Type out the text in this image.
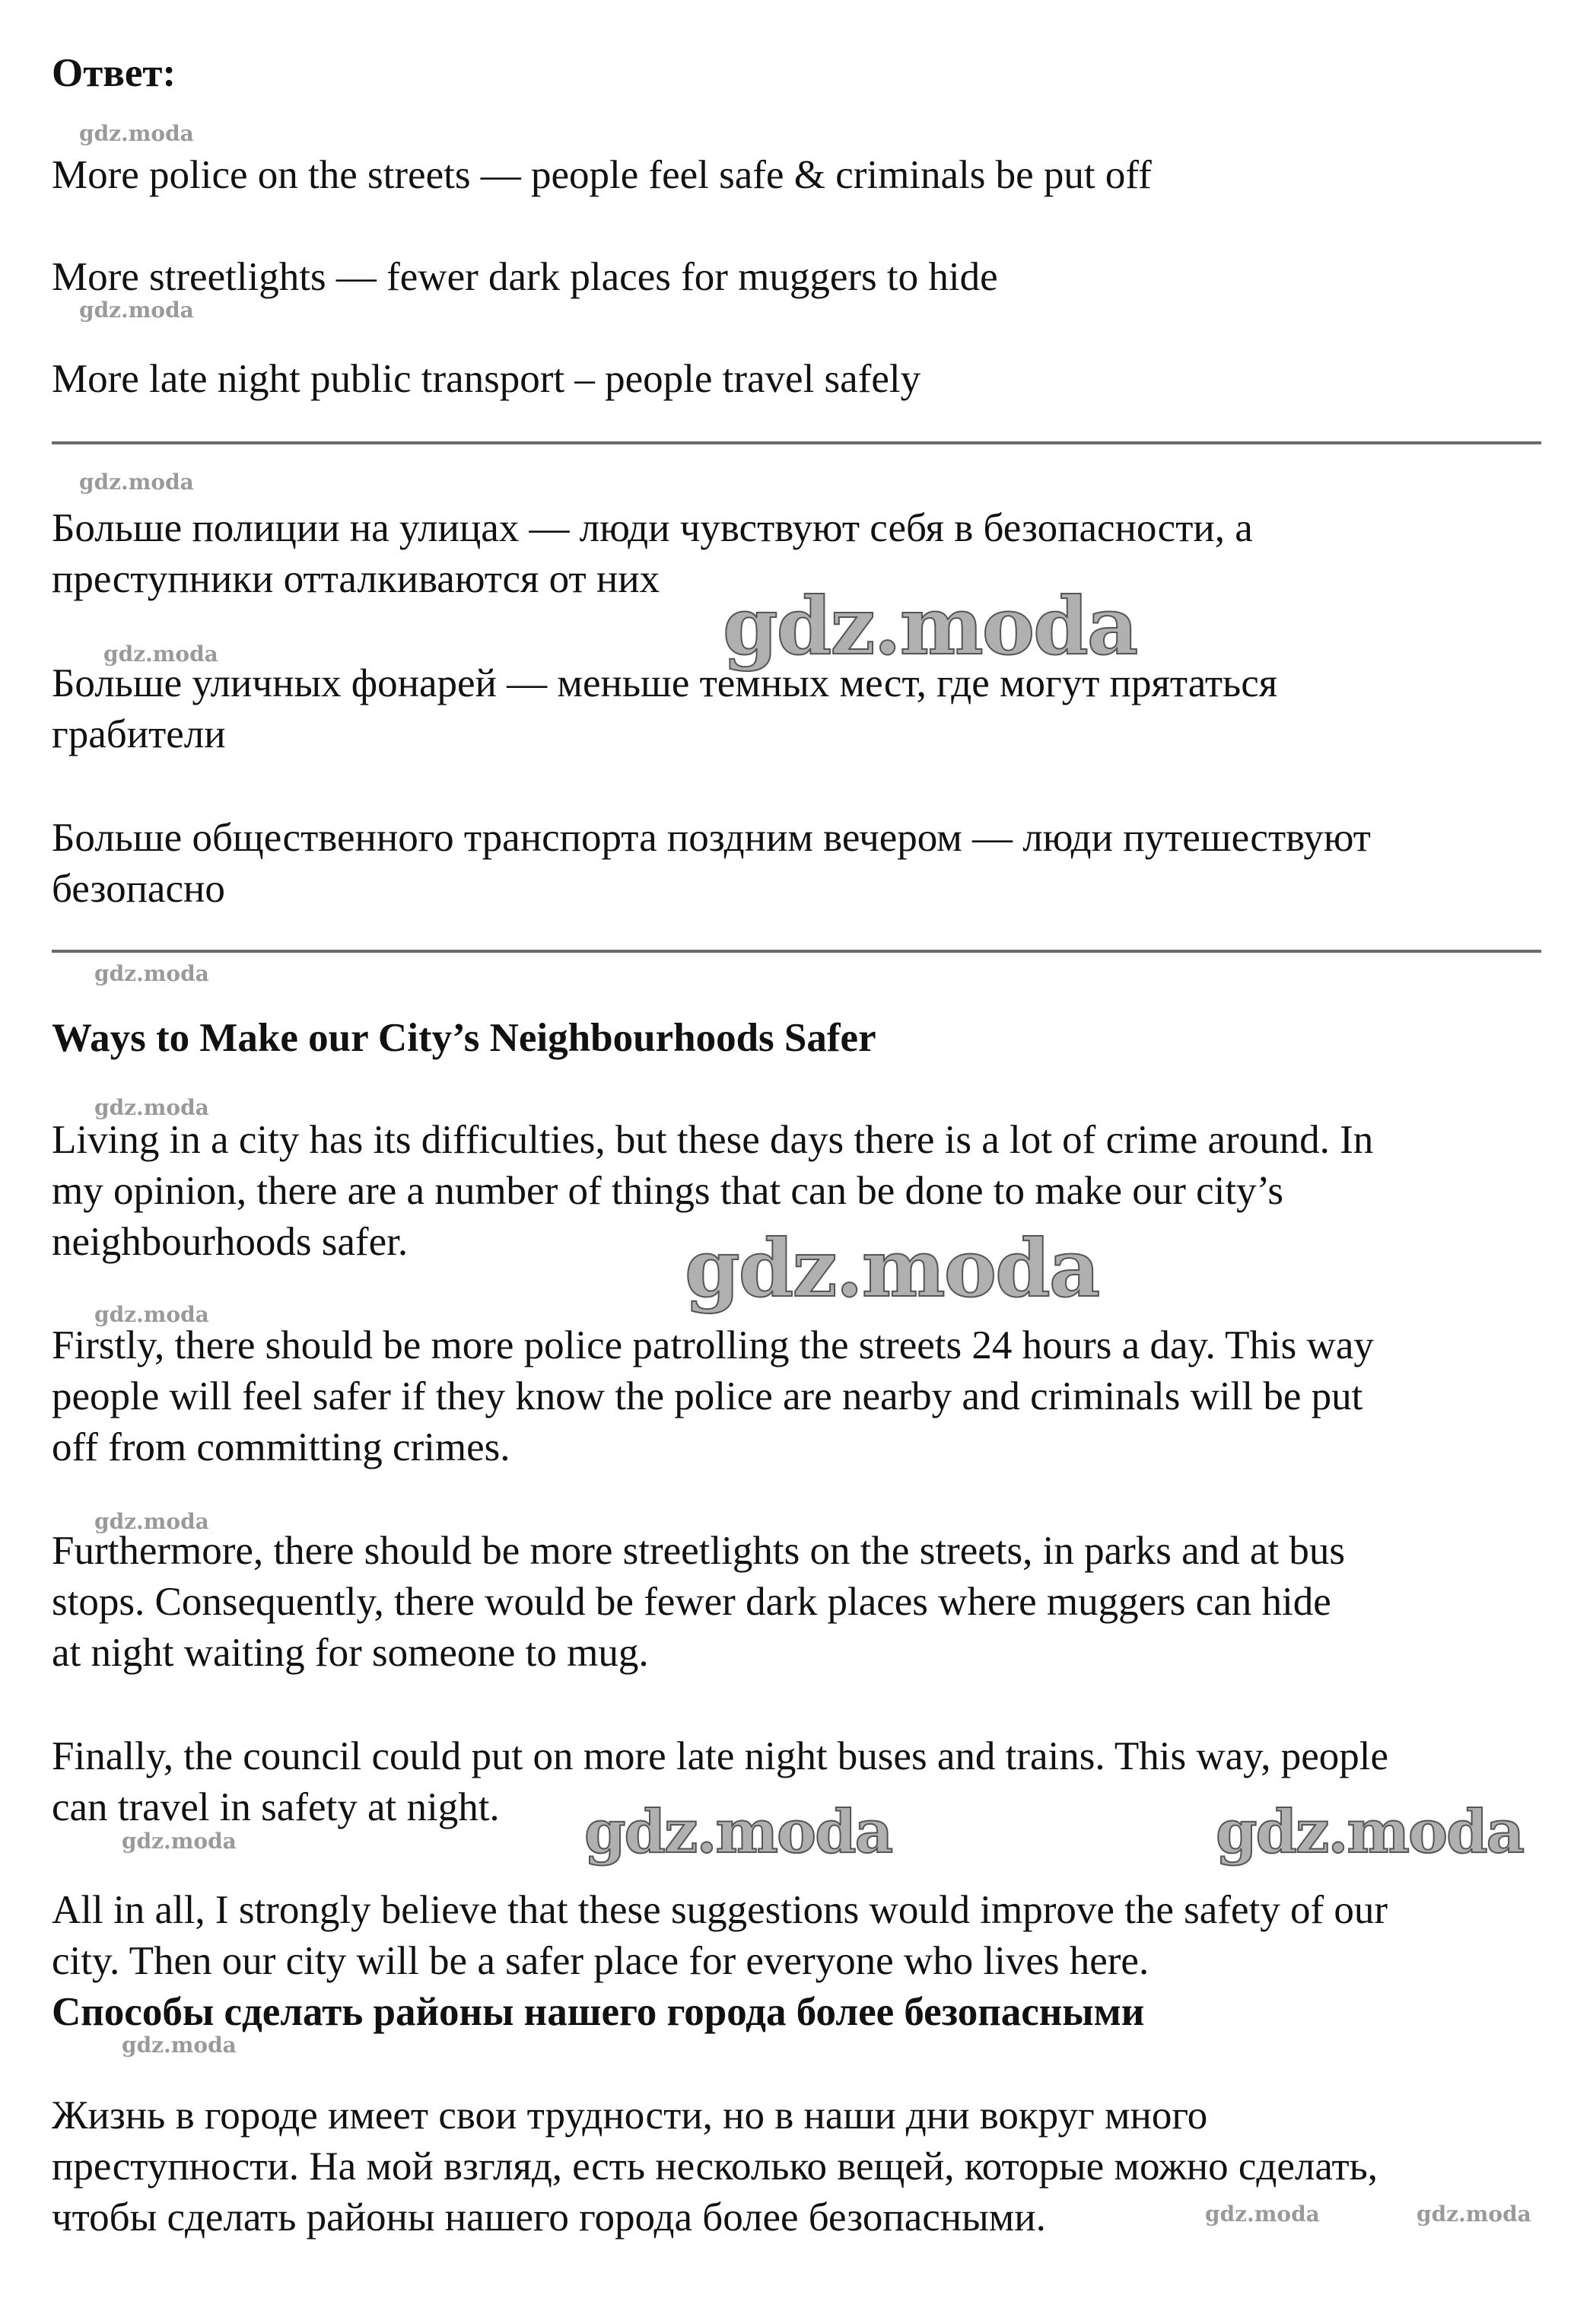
Ответ:

More police on the streets — people feel safe & criminals be put off

More streetlights — fewer dark places for muggers to hide

More late night public transport – people travel safely

Больше полиции на улицах — люди чувствуют себя в безопасности, а

преступники отталкиваются от них

Больше уличных фонарей — меньше темных мест, где могут прятаться

грабители

Больше общественного транспорта поздним вечером — люди путешествуют

безопасно

Ways to Make our City’s Neighbourhoods Safer

Living in a city has its difficulties, but these days there is a lot of crime around. In

my opinion, there are a number of things that can be done to make our city’s

neighbourhoods safer.

Firstly, there should be more police patrolling the streets 24 hours a day. This way

people will feel safer if they know the police are nearby and criminals will be put

off from committing crimes.

Furthermore, there should be more streetlights on the streets, in parks and at bus

stops. Consequently, there would be fewer dark places where muggers can hide

at night waiting for someone to mug.

Finally, the council could put on more late night buses and trains. This way, people

can travel in safety at night.

All in all, I strongly believe that these suggestions would improve the safety of our

city. Then our city will be a safer place for everyone who lives here.

Способы сделать районы нашего города более безопасными

Жизнь в городе имеет свои трудности, но в наши дни вокруг много

преступности. На мой взгляд, есть несколько вещей, которые можно сделать,

чтобы сделать районы нашего города более безопасными.

gdz.moda
gdz.moda
gdz.moda
gdz.moda
gdz.moda
gdz.moda
gdz.moda
gdz.moda
gdz.moda
gdz.moda
gdz.moda	gdz.moda
gdz.moda
gdz.moda
gdz.moda	gdz.moda
